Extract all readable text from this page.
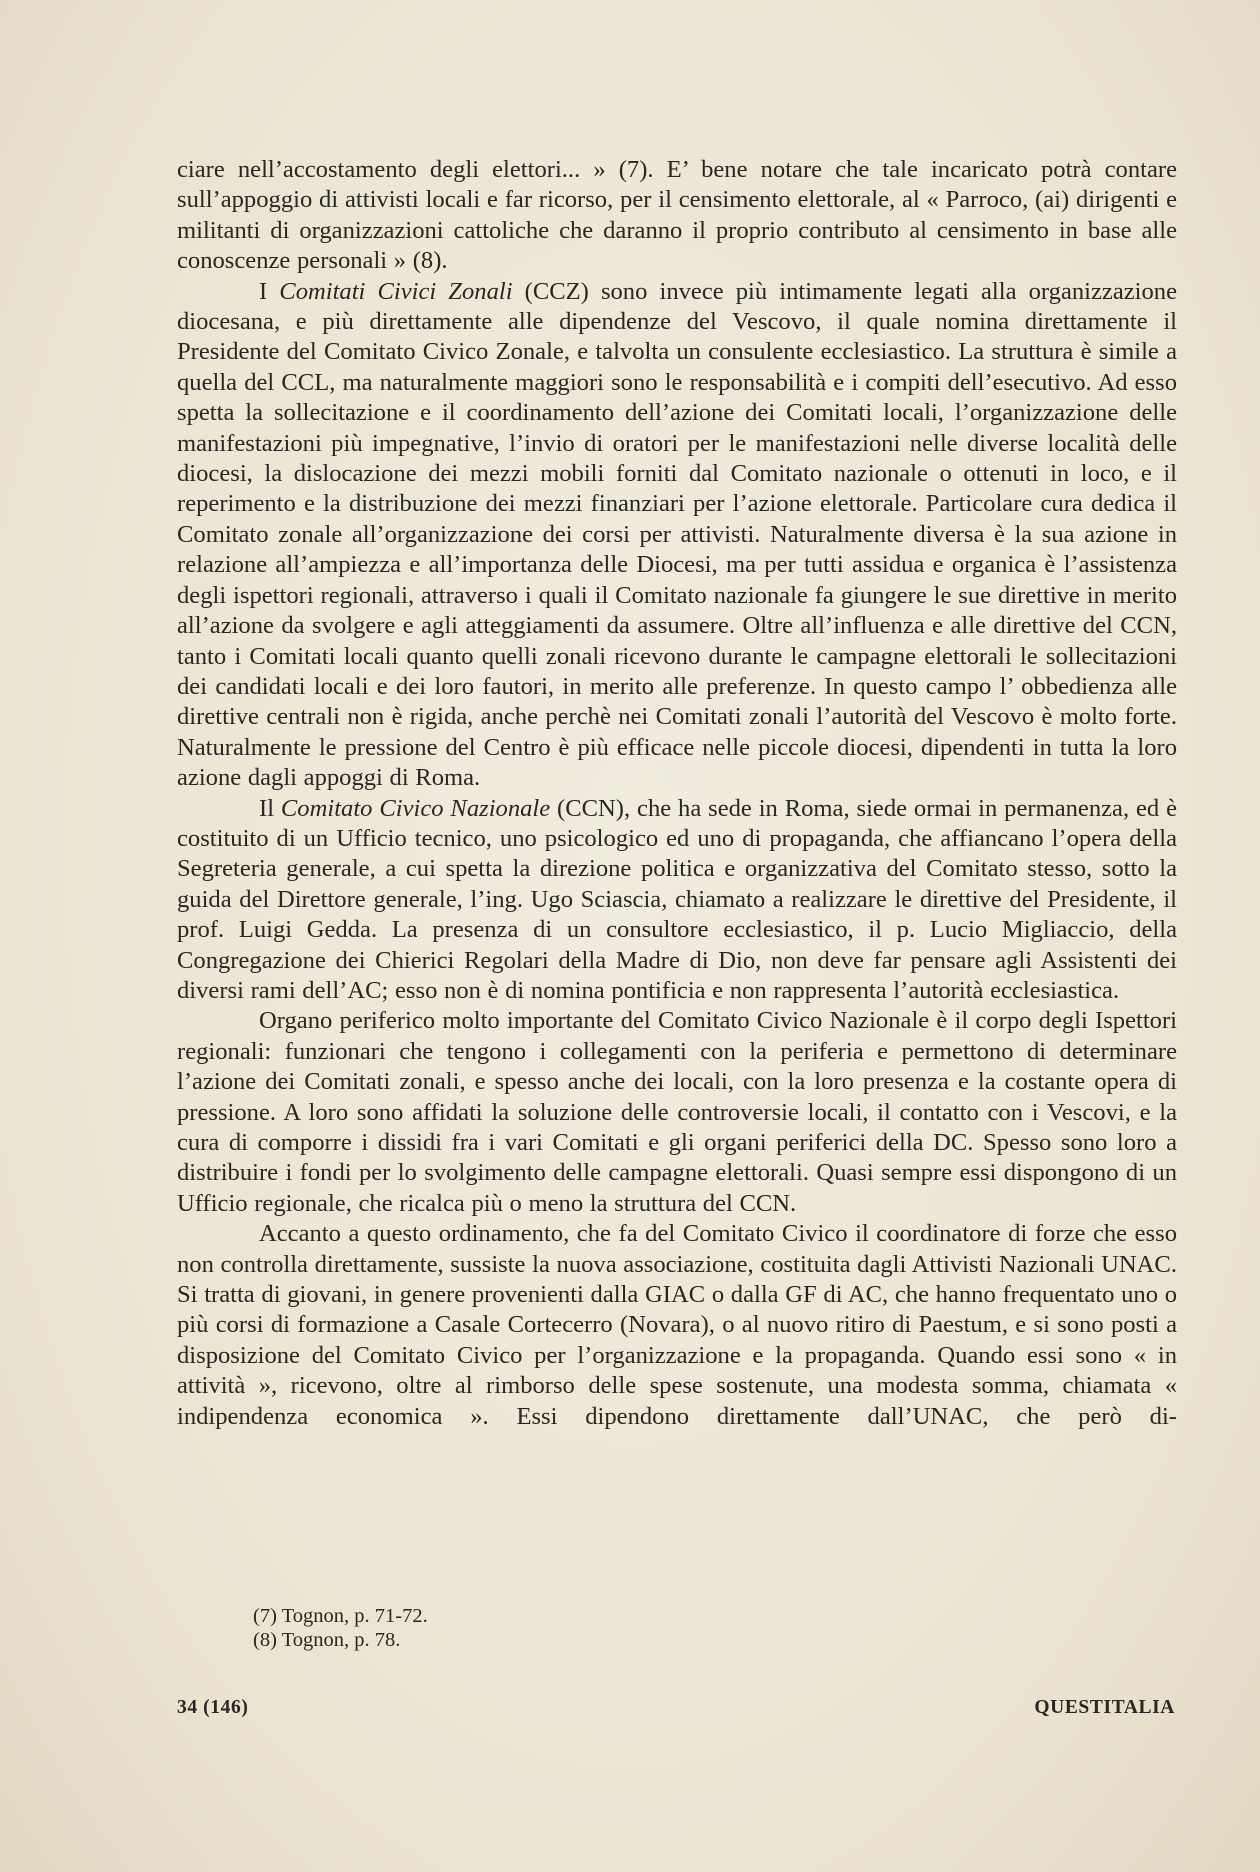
ciare nell’accostamento degli elettori... » (7). E’ bene notare che tale incaricato potrà contare sull’appoggio di attivisti locali e far ricorso, per il censimento elettorale, al « Parroco, (ai) dirigenti e militanti di organizzazioni cattoliche che daranno il proprio contributo al censimento in base alle conoscenze personali » (8).

I Comitati Civici Zonali (CCZ) sono invece più intimamente legati alla organizzazione diocesana, e più direttamente alle dipendenze del Vescovo, il quale nomina direttamente il Presidente del Comitato Civico Zonale, e talvolta un consulente ecclesiastico. La struttura è simile a quella del CCL, ma naturalmente maggiori sono le responsabilità e i compiti dell’esecutivo. Ad esso spetta la sollecitazione e il coordinamento dell’azione dei Comitati locali, l’organizzazione delle manifestazioni più impegnative, l’invio di oratori per le manifestazioni nelle diverse località delle diocesi, la dislocazione dei mezzi mobili forniti dal Comitato nazionale o ottenuti in loco, e il reperimento e la distribuzione dei mezzi finanziari per l’azione elettorale. Particolare cura dedica il Comitato zonale all’organizzazione dei corsi per attivisti. Naturalmente diversa è la sua azione in relazione all’ampiezza e all’importanza delle Diocesi, ma per tutti assidua e organica è l’assistenza degli ispettori regionali, attraverso i quali il Comitato nazionale fa giungere le sue direttive in merito all’azione da svolgere e agli atteggiamenti da assumere. Oltre all’influenza e alle direttive del CCN, tanto i Comitati locali quanto quelli zonali ricevono durante le campagne elettorali le sollecitazioni dei candidati locali e dei loro fautori, in merito alle preferenze. In questo campo l’ obbedienza alle direttive centrali non è rigida, anche perchè nei Comitati zonali l’autorità del Vescovo è molto forte. Naturalmente le pressione del Centro è più efficace nelle piccole diocesi, dipendenti in tutta la loro azione dagli appoggi di Roma.

Il Comitato Civico Nazionale (CCN), che ha sede in Roma, siede ormai in permanenza, ed è costituito di un Ufficio tecnico, uno psicologico ed uno di propaganda, che affiancano l’opera della Segreteria generale, a cui spetta la direzione politica e organizzativa del Comitato stesso, sotto la guida del Direttore generale, l’ing. Ugo Sciascia, chiamato a realizzare le direttive del Presidente, il prof. Luigi Gedda. La presenza di un consultore ecclesiastico, il p. Lucio Migliaccio, della Congregazione dei Chierici Regolari della Madre di Dio, non deve far pensare agli Assistenti dei diversi rami dell’AC; esso non è di nomina pontificia e non rappresenta l’autorità ecclesiastica.

Organo periferico molto importante del Comitato Civico Nazionale è il corpo degli Ispettori regionali: funzionari che tengono i collegamenti con la periferia e permettono di determinare l’azione dei Comitati zonali, e spesso anche dei locali, con la loro presenza e la costante opera di pressione. A loro sono affidati la soluzione delle controversie locali, il contatto con i Vescovi, e la cura di comporre i dissidi fra i vari Comitati e gli organi periferici della DC. Spesso sono loro a distribuire i fondi per lo svolgimento delle campagne elettorali. Quasi sempre essi dispongono di un Ufficio regionale, che ricalca più o meno la struttura del CCN.

Accanto a questo ordinamento, che fa del Comitato Civico il coordinatore di forze che esso non controlla direttamente, sussiste la nuova associazione, costituita dagli Attivisti Nazionali UNAC. Si tratta di giovani, in genere provenienti dalla GIAC o dalla GF di AC, che hanno frequentato uno o più corsi di formazione a Casale Cortecerro (Novara), o al nuovo ritiro di Paestum, e si sono posti a disposizione del Comitato Civico per l’organizzazione e la propaganda. Quando essi sono « in attività », ricevono, oltre al rimborso delle spese sostenute, una modesta somma, chiamata « indipendenza economica ». Essi dipendono direttamente dall’UNAC, che però di-

(7) Tognon, p. 71-72.
(8) Tognon, p. 78.
34 (146)	QUESTITALIA
